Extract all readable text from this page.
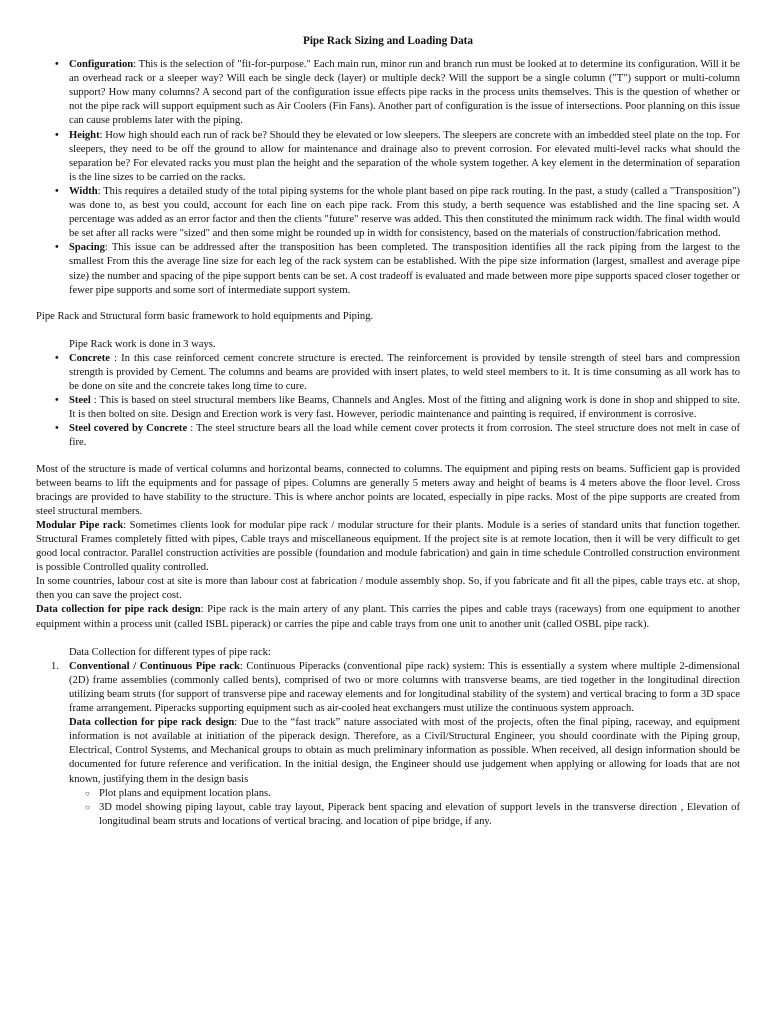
Pipe Rack Sizing and Loading Data

• Configuration: This is the selection of "fit-for-purpose." Each main run, minor run and branch run must be looked at to determine its configuration. Will it be an overhead rack or a sleeper way? Will each be single deck (layer) or multiple deck? Will the support be a single column ("T") support or multi-column support? How many columns? A second part of the configuration issue effects pipe racks in the process units themselves. This is the question of whether or not the pipe rack will support equipment such as Air Coolers (Fin Fans). Another part of configuration is the issue of intersections. Poor planning on this issue can cause problems later with the piping.
• Height: How high should each run of rack be? Should they be elevated or low sleepers. The sleepers are concrete with an imbedded steel plate on the top. For sleepers, they need to be off the ground to allow for maintenance and drainage also to prevent corrosion. For elevated multi-level racks what should the separation be? For elevated racks you must plan the height and the separation of the whole system together. A key element in the determination of separation is the line sizes to be carried on the racks.
• Width: This requires a detailed study of the total piping systems for the whole plant based on pipe rack routing. In the past, a study (called a "Transposition") was done to, as best you could, account for each line on each pipe rack. From this study, a berth sequence was established and the line spacing set. A percentage was added as an error factor and then the clients "future" reserve was added. This then constituted the minimum rack width. The final width would be set after all racks were "sized" and then some might be rounded up in width for consistency, based on the materials of construction/fabrication method.
• Spacing: This issue can be addressed after the transposition has been completed. The transposition identifies all the rack piping from the largest to the smallest From this the average line size for each leg of the rack system can be established. With the pipe size information (largest, smallest and average pipe size) the number and spacing of the pipe support bents can be set. A cost tradeoff is evaluated and made between more pipe supports spaced closer together or fewer pipe supports and some sort of intermediate support system.

Pipe Rack and Structural form basic framework to hold equipments and Piping.

Pipe Rack work is done in 3 ways.

• Concrete : In this case reinforced cement concrete structure is erected. The reinforcement is provided by tensile strength of steel bars and compression strength is provided by Cement. The columns and beams are provided with insert plates, to weld steel members to it. It is time consuming as all work has to be done on site and the concrete takes long time to cure.
• Steel : This is based on steel structural members like Beams, Channels and Angles. Most of the fitting and aligning work is done in shop and shipped to site. It is then bolted on site. Design and Erection work is very fast. However, periodic maintenance and painting is required, if environment is corrosive.
• Steel covered by Concrete : The steel structure bears all the load while cement cover protects it from corrosion. The steel structure does not melt in case of fire.

Most of the structure is made of vertical columns and horizontal beams, connected to columns. The equipment and piping rests on beams. Sufficient gap is provided between beams to lift the equipments and for passage of pipes. Columns are generally 5 meters away and height of beams is 4 meters above the floor level. Cross bracings are provided to have stability to the structure. This is where anchor points are located, especially in pipe racks. Most of the pipe supports are created from steel structural members.

Modular Pipe rack: Sometimes clients look for modular pipe rack / modular structure for their plants. Module is a series of standard units that function together. Structural Frames completely fitted with pipes, Cable trays and miscellaneous equipment. If the project site is at remote location, then it will be very difficult to get good local contractor. Parallel construction activities are possible (foundation and module fabrication) and gain in time schedule Controlled construction environment is possible Controlled quality controlled.

In some countries, labour cost at site is more than labour cost at fabrication / module assembly shop. So, if you fabricate and fit all the pipes, cable trays etc. at shop, then you can save the project cost.

Data collection for pipe rack design: Pipe rack is the main artery of any plant. This carries the pipes and cable trays (raceways) from one equipment to another equipment within a process unit (called ISBL piperack) or carries the pipe and cable trays from one unit to another unit (called OSBL pipe rack).

Data Collection for different types of pipe rack:

1. Conventional / Continuous Pipe rack: Continuous Piperacks (conventional pipe rack) system: This is essentially a system where multiple 2-dimensional (2D) frame assemblies (commonly called bents), comprised of two or more columns with transverse beams, are tied together in the longitudinal direction utilizing beam struts (for support of transverse pipe and raceway elements and for longitudinal stability of the system) and vertical bracing to form a 3D space frame arrangement. Piperacks supporting equipment such as air-cooled heat exchangers must utilize the continuous system approach.

Data collection for pipe rack design: Due to the “fast track” nature associated with most of the projects, often the final piping, raceway, and equipment information is not available at initiation of the piperack design. Therefore, as a Civil/Structural Engineer, you should coordinate with the Piping group, Electrical, Control Systems, and Mechanical groups to obtain as much preliminary information as possible. When received, all design information should be documented for future reference and verification. In the initial design, the Engineer should use judgement when applying or allowing for loads that are not known, justifying them in the design basis

○ Plot plans and equipment location plans.
○ 3D model showing piping layout, cable tray layout, Piperack bent spacing and elevation of support levels in the transverse direction , Elevation of longitudinal beam struts and locations of vertical bracing. and location of pipe bridge, if any.
